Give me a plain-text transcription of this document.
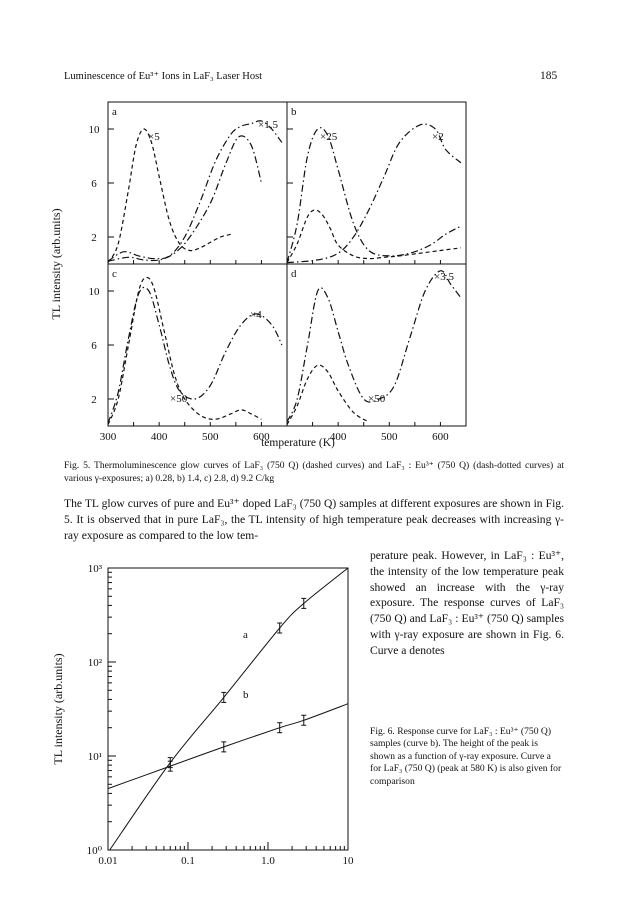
Luminescence of Eu³⁺ Ions in LaF₃ Laser Host	185
a
2
6
10
×5
×1.5
b
×25	×2
c
2
6
10
300	400	500	600
×4
×50
d
400	500	600
×3.5
×50
TL intensity (arb.units)
temperature (K)
Fig. 5. Thermoluminescence glow curves of LaF₃ (750 Q) (dashed curves) and LaF₃ : Eu³⁺ (750 Q) (dash-dotted curves) at various γ-exposures; a) 0.28, b) 1.4, c) 2.8, d) 9.2 C/kg
The TL glow curves of pure and Eu³⁺ doped LaF₃ (750 Q) samples at different exposures are shown in Fig. 5. It is observed that in pure LaF₃, the TL intensity of high temperature peak decreases with increasing γ-ray exposure as compared to the low tem-
0.01	0.1	1.0	10
10⁰
10¹
10²
10³
a
b
TL intensity (arb.units)
perature peak. However, in LaF₃ : Eu³⁺, the intensity of the low temperature peak showed an increase with the γ-ray exposure. The response curves of LaF₃ (750 Q) and LaF₃ : Eu³⁺ (750 Q) samples with γ-ray exposure are shown in Fig. 6. Curve a denotes
Fig. 6. Response curve for LaF₃ : Eu³⁺ (750 Q) samples (curve b). The height of the peak is shown as a function of γ-ray exposure. Curve a for LaF₃ (750 Q) (peak at 580 K) is also given for comparison
